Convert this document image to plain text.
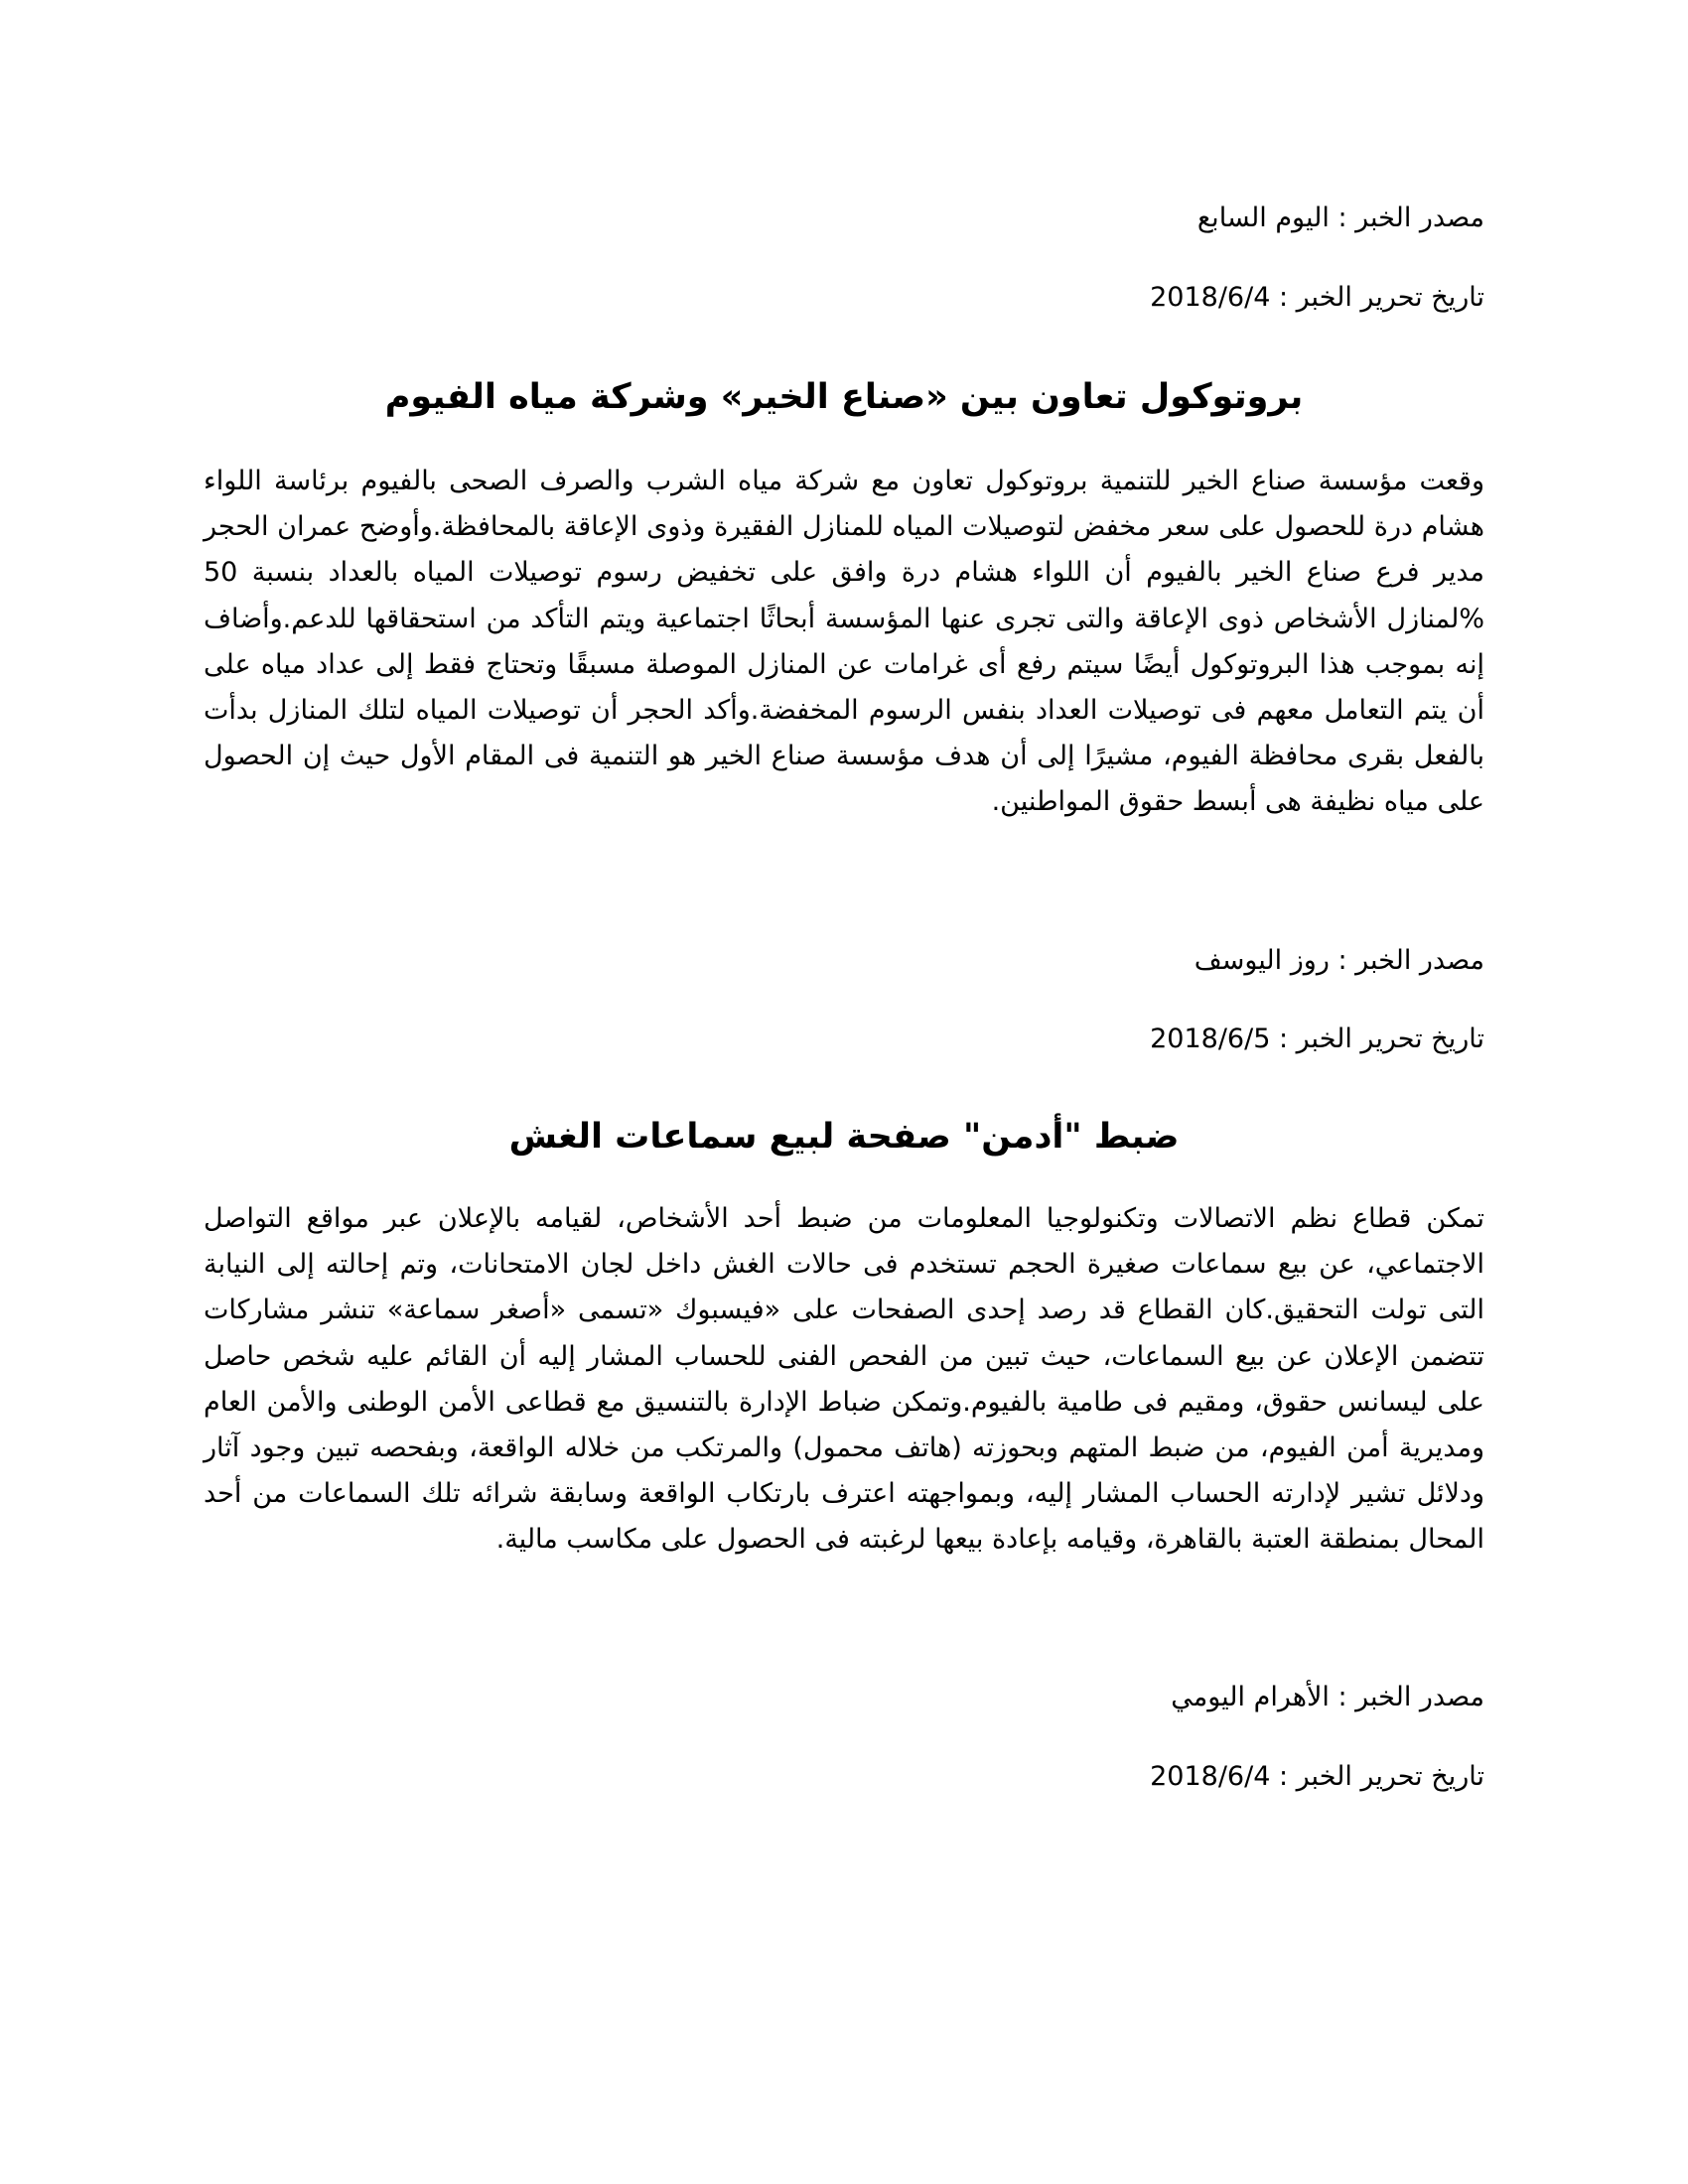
مصدر الخبر : اليوم السابع
تاريخ تحرير الخبر : 2018/6/4
بروتوكول تعاون بين «صناع الخير» وشركة مياه الفيوم
وقعت مؤسسة صناع الخير للتنمية بروتوكول تعاون مع شركة مياه الشرب والصرف الصحى بالفيوم برئاسة اللواء هشام درة للحصول على سعر مخفض لتوصيلات المياه للمنازل الفقيرة وذوى الإعاقة بالمحافظة.وأوضح عمران الحجر مدير فرع صناع الخير بالفيوم أن اللواء هشام درة وافق على تخفيض رسوم توصيلات المياه بالعداد بنسبة 50 %لمنازل الأشخاص ذوى الإعاقة والتى تجرى عنها المؤسسة أبحاثًا اجتماعية ويتم التأكد من استحقاقها للدعم.وأضاف إنه بموجب هذا البروتوكول أيضًا سيتم رفع أى غرامات عن المنازل الموصلة مسبقًا وتحتاج فقط إلى عداد مياه على أن يتم التعامل معهم فى توصيلات العداد بنفس الرسوم المخفضة.وأكد الحجر أن توصيلات المياه لتلك المنازل بدأت بالفعل بقرى محافظة الفيوم، مشيرًا إلى أن هدف مؤسسة صناع الخير هو التنمية فى المقام الأول حيث إن الحصول على مياه نظيفة هى أبسط حقوق المواطنين.
مصدر الخبر : روز اليوسف
تاريخ تحرير الخبر : 2018/6/5
ضبط "أدمن" صفحة لبيع سماعات الغش
تمكن قطاع نظم الاتصالات وتكنولوجيا المعلومات من ضبط أحد الأشخاص، لقيامه بالإعلان عبر مواقع التواصل الاجتماعي، عن بيع سماعات صغيرة الحجم تستخدم فى حالات الغش داخل لجان الامتحانات، وتم إحالته إلى النيابة التى تولت التحقيق.كان القطاع قد رصد إحدى الصفحات على «فيسبوك «تسمى «أصغر سماعة» تنشر مشاركات تتضمن الإعلان عن بيع السماعات، حيث تبين من الفحص الفنى للحساب المشار إليه أن القائم عليه شخص حاصل على ليسانس حقوق، ومقيم فى طامية بالفيوم.وتمكن ضباط الإدارة بالتنسيق مع قطاعى الأمن الوطنى والأمن العام ومديرية أمن الفيوم، من ضبط المتهم وبحوزته (هاتف محمول) والمرتكب من خلاله الواقعة، وبفحصه تبين وجود آثار ودلائل تشير لإدارته الحساب المشار إليه، وبمواجهته اعترف بارتكاب الواقعة وسابقة شرائه تلك السماعات من أحد المحال بمنطقة العتبة بالقاهرة، وقيامه بإعادة بيعها لرغبته فى الحصول على مكاسب مالية.
مصدر الخبر : الأهرام اليومي
تاريخ تحرير الخبر : 2018/6/4
